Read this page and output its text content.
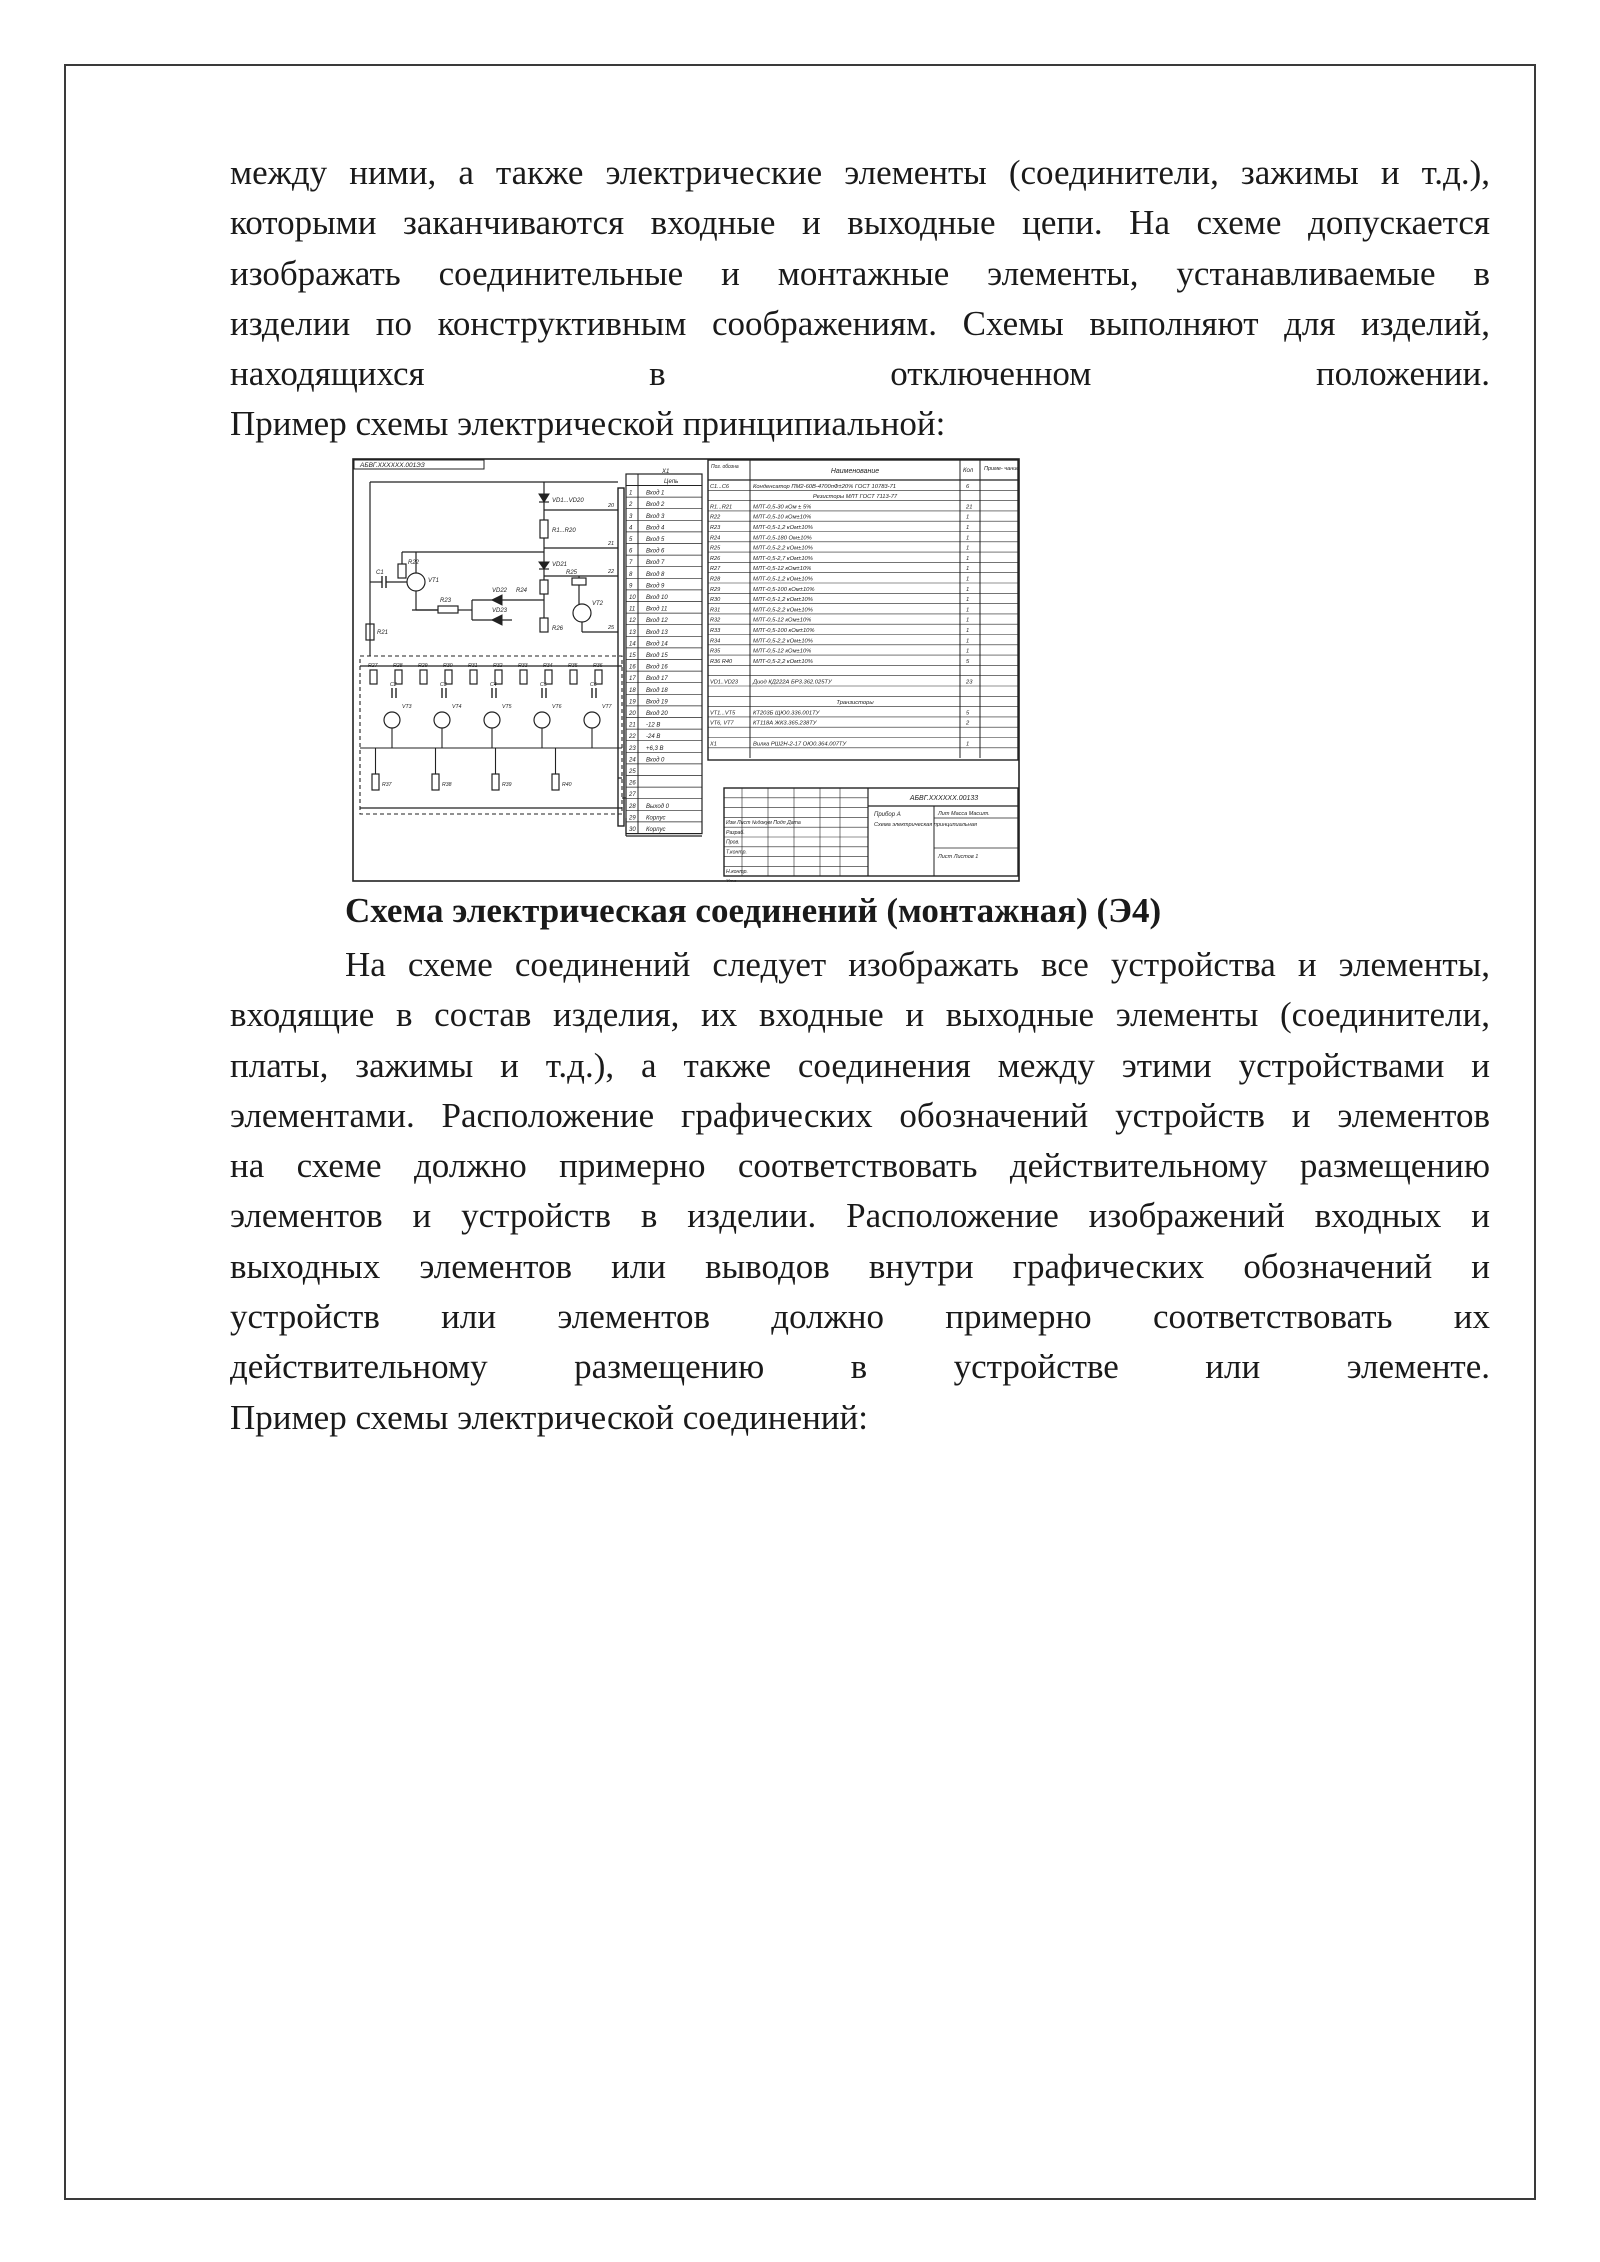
между ними, а также электрические элементы (соединители, зажимы и т.д.),
которыми заканчиваются входные и выходные цепи. На схеме допускается
изображать соединительные и монтажные элементы, устанавливаемые в
изделии по конструктивным соображениям. Схемы выполняют для изделий,
находящихся в отключенном положении.
Пример схемы электрической принципиальной:
АБВГ.XXXXXX.001ЭЗ
X1
Цепь
1 Вход 1
2 Вход 2
3 Вход 3
4 Вход 4
5 Вход 5
6 Вход 6
7 Вход 7
8 Вход 8
9 Вход 9
10 Вход 10
11 Вход 11
12 Вход 12
13 Вход 13
14 Вход 14
15 Вход 15
16 Вход 16
17 Вход 17
18 Вход 18
19 Вход 19
20 Вход 20
21 -12 В
22 -24 В
23 +6,3 В
24 Вход 0
25
26
27
28 Выход 0
29 Корпус
30 Корпус
Поз. обозна
Наименование	Кол Приме- чание
C1...C6	Конденсатор ПМ2-60В-4700пФ±20% ГОСТ 10783-71	6
Резисторы МЛТ ГОСТ 7113-77
R1...R21	МЛТ-0,5-30 кОм ± 5%	21
R22	МЛТ-0,5-10 кОм±10%	1
R23	МЛТ-0,5-1,2 кОм±10%	1
R24	МЛТ-0,5-180 Ом±10%	1
R25	МЛТ-0,5-2,2 кОм±10%	1
R26	МЛТ-0,5-2,7 кОм±10%	1
R27	МЛТ-0,5-12 кОм±10%	1
R28	МЛТ-0,5-1,2 кОм±10%	1
R29	МЛТ-0,5-100 кОм±10%	1
R30	МЛТ-0,5-1,2 кОм±10%	1
R31	МЛТ-0,5-2,2 кОм±10%	1
R32	МЛТ-0,5-12 кОм±10%	1
R33	МЛТ-0,5-100 кОм±10%	1
R34	МЛТ-0,5-2,2 кОм±10%	1
R35	МЛТ-0,5-12 кОм±10%	1
R36 R40	МЛТ-0,5-2,2 кОм±10%	5
VD1..VD23	Диод КД222А БР3.362.025ТУ	23
Транзисторы
VT1...VT5	КТ203Б ЩЮ0.336.001ТУ	5
VT6, VT7	КТ118А ЖК3.365.238ТУ	2
X1	Вилка РШ2Н-2-17 ОЮ0.364.007ТУ	1
АБВГ.XXXXXX.00133
Прибор А
Схема электрическая принципиальная
Лит Масса Масшт.
Лист Листов 1
Изм Лист №докум Подп Дата
Разраб.
Пров.
Т.контр.
Н.контр.
Утв.
VD1...VD20
R1...R20
20
21
VD21
22
R24
R25
VT2
25
R26
VD22
VD23
R23
VT1
R22
C1
R21
R27	R28	R29	R30	R31	R32	R33	R34	R35	R36
C2	C3	C4	C5	C6
VT3	VT4	VT5	VT6	VT7
R37	R38	R39	R40
Схема электрическая соединений (монтажная) (Э4)
На схеме соединений следует изображать все устройства и элементы,
входящие в состав изделия, их входные и выходные элементы (соединители,
платы, зажимы и т.д.), а также соединения между этими устройствами и
элементами. Расположение графических обозначений устройств и элементов
на схеме должно примерно соответствовать действительному размещению
элементов и устройств в изделии. Расположение изображений входных и
выходных элементов или выводов внутри графических обозначений и
устройств или элементов должно примерно соответствовать их
действительному размещению в устройстве или элементе.
Пример схемы электрической соединений:
